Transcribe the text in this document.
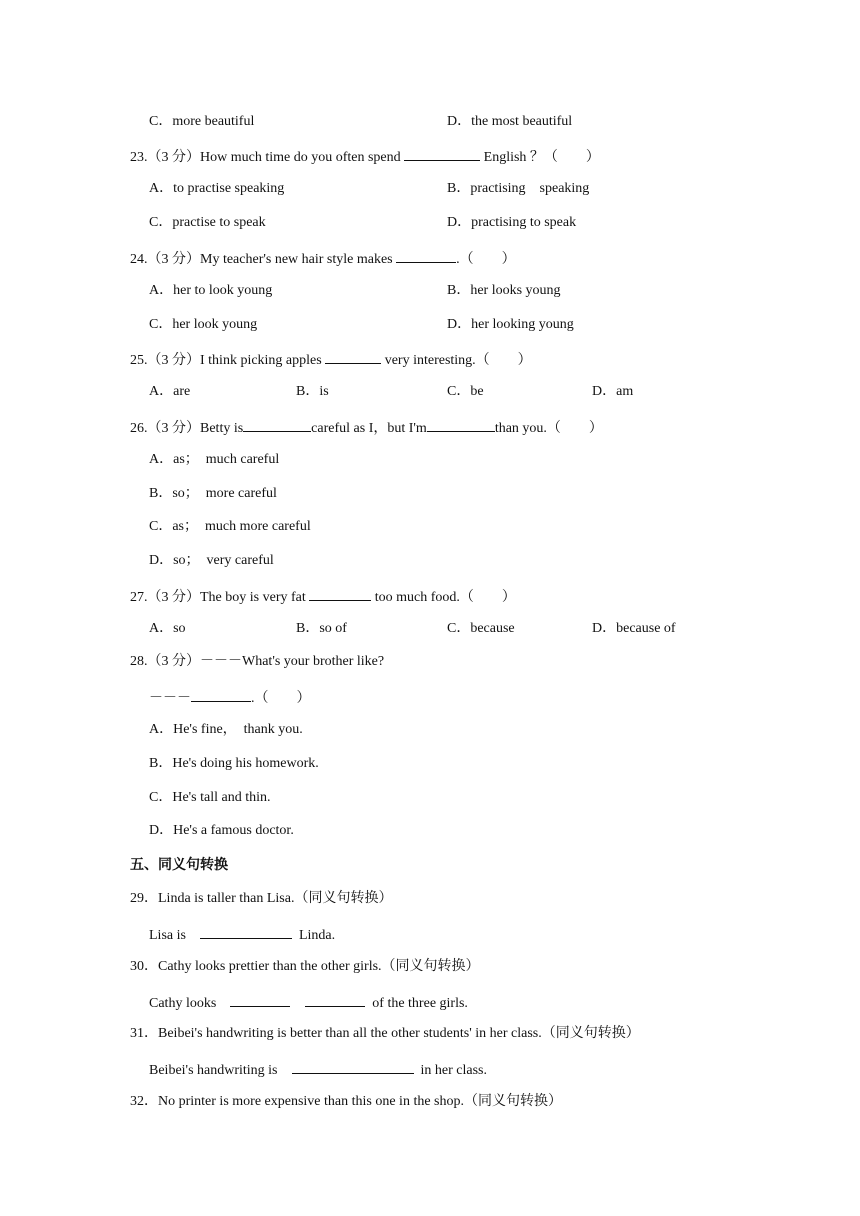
C．more beautiful	D．the most beautiful
23.（3 分）How much time do you often spend	English ？（　　）
A．to practise speaking	B．practising　speaking
C．practise to speak	D．practising to speak
24.（3 分）My teacher's new hair style makes	.（　　）
A．her to look young	B．her looks young
C．her look young	D．her looking young
25.（3 分）I think picking apples	very interesting.（　　）
A．are	B．is	C．be	D．am
26.（3 分）Betty is	careful as I，but I'm	than you.（　　）
A．as；　much careful
B．so；　more careful
C．as；　much more careful
D．so；　very careful
27.（3 分）The boy is very fat	too much food.（　　）
A．so	B．so of	C．because	D．because of
28.（3 分）－－－What's your brother like?
－－－	.（　　）
A．He's fine，　thank you.
B．He's doing his homework.
C．He's tall and thin.
D．He's a famous doctor.
五、同义句转换
29．Linda is taller than Lisa.（同义句转换）
Lisa is	Linda.
30．Cathy looks prettier than the other girls.（同义句转换）
Cathy looks	of the three girls.
31．Beibei's handwriting is better than all the other students' in her class.（同义句转换）
Beibei's handwriting is	in her class.
32．No printer is more expensive than this one in the shop.（同义句转换）
